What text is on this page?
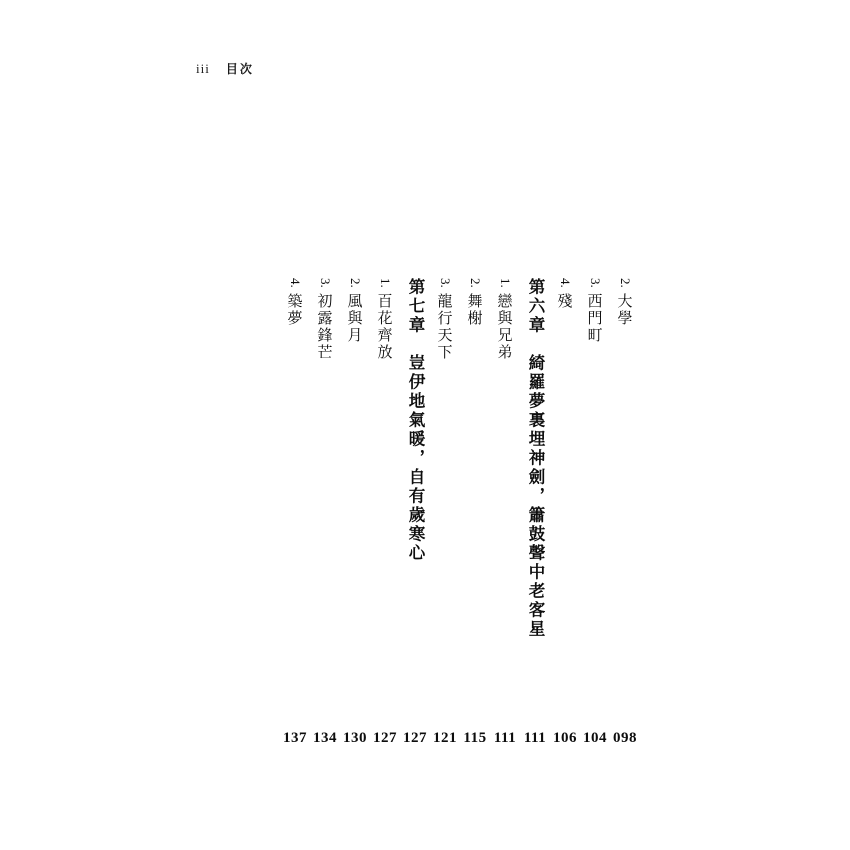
iii 目次
4.
築夢
3.
初露鋒芒
2.
風與月
1.
百花齊放 第七章　豈伊地氣暖，自有歲寒心 3.
龍行天下
2.
舞榭
1.
戀與兄弟 第六章　綺羅夢裏埋神劍，簫鼓聲中老客星 4.
殘
3.
西門町
2.
大學
137 134 130 127 127 121 115 111 111 106 104 098
